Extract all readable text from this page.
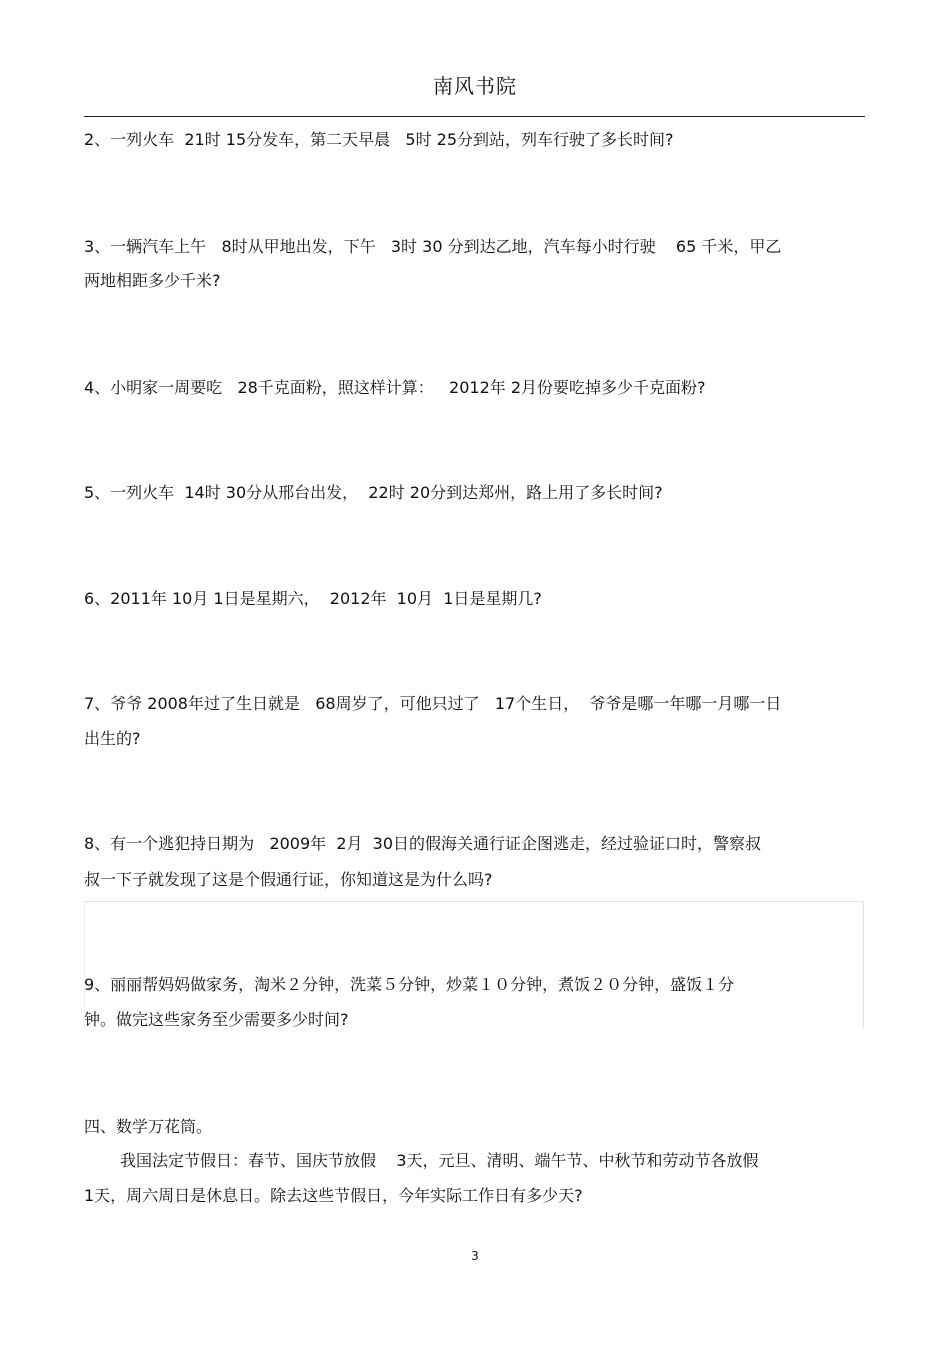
南风书院
2、一列火车  21时 15分发车，第二天早晨   5时 25分到站，列车行驶了多长时间?
3、一辆汽车上午   8时从甲地出发，下午   3时 30 分到达乙地，汽车每小时行驶    65 千米，甲乙
两地相距多少千米?
4、小明家一周要吃   28千克面粉，照这样计算：   2012年 2月份要吃掉多少千克面粉?
5、一列火车  14时 30分从邢台出发，  22时 20分到达郑州，路上用了多长时间?
6、2011年 10月 1日是星期六，  2012年  10月  1日是星期几?
7、爷爷 2008年过了生日就是   68周岁了，可他只过了   17个生日，  爷爷是哪一年哪一月哪一日
出生的?
8、有一个逃犯持日期为   2009年  2月  30日的假海关通行证企图逃走，经过验证口时，警察叔
叔一下子就发现了这是个假通行证，你知道这是为什么吗?
9、丽丽帮妈妈做家务，淘米２分钟，洗菜５分钟，炒菜１０分钟，煮饭２０分钟，盛饭１分
钟。做完这些家务至少需要多少时间?
四、数学万花筒。
我国法定节假日：春节、国庆节放假    3天，元旦、清明、端午节、中秋节和劳动节各放假
1天，周六周日是休息日。除去这些节假日，今年实际工作日有多少天?
3
